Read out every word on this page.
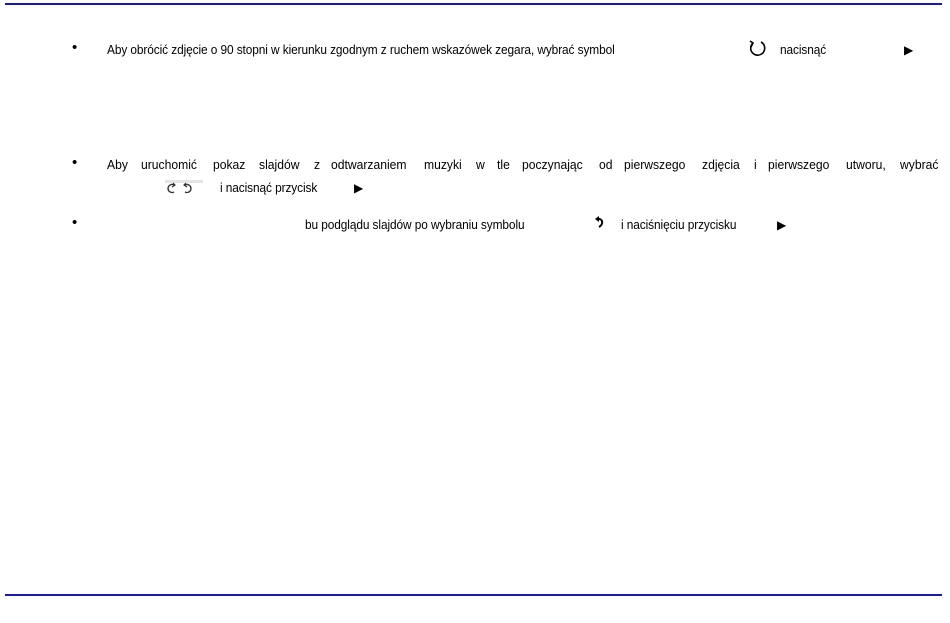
• Aby obrócić zdjęcie o 90 stopni w kierunku zgodnym z ruchem wskazówek zegara, wybrać symbol	nacisnąć	▶
• Aby uruchomić pokaz slajdów z odtwarzaniem muzyki w tle poczynając od pierwszego zdjęcia i pierwszego utworu, wybrać
i nacisnąć przycisk	▶
•	bu podglądu slajdów po wybraniu symbolu	i naciśnięciu przycisku	▶
